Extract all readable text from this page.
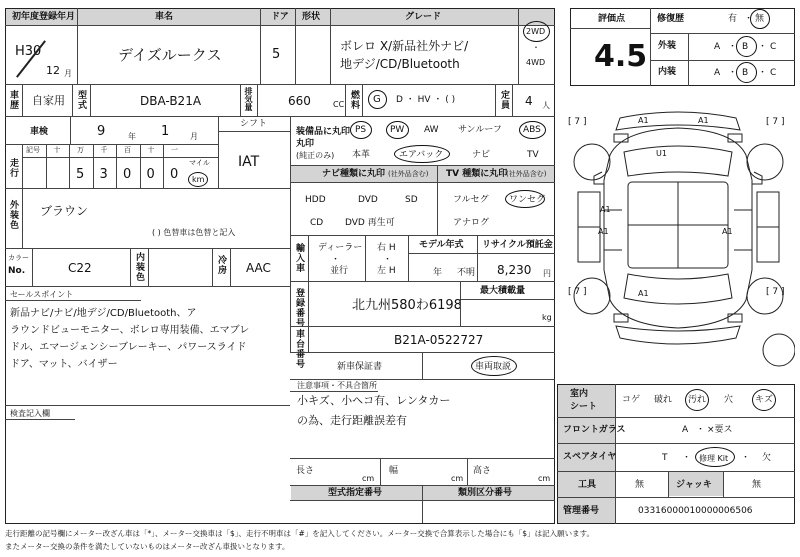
初年度登録年月	車名	ドア 形状	グレード
H30
12 月
デイズルークス	5
ボレロ X/新品社外ナビ/
地デジ/CD/Bluetooth
2WD
・
4WD
車歴 自家用 型式	DBA-B21A	排気量	660	CC 燃料 G D ・ HV ・ ( )	定員 4 人
車検	9	年 1	月
走行
記号 十 万 千 百 十 一
5 3 0 0 0
マイル
km
シフト
IAT
装備品に丸印
丸印
(純正のみ)
PS	PW AW サンルーフ ABS
本革	エアバック	ナビ	TV
ナビ種類に丸印 (社外品含む) TV 種類に丸印
(社外品含む)
HDD	DVD	SD
CD DVD 再生可
フルセグ ワンセグ
アナログ
外装色 ブラウン
( ) 色替車は色替と記入
カラー
No.	C22	内装色	冷房 AAC	輸入車 ディーラー
・
並行
右 H
・
左 H
モデル年式
年 不明
リサイクル預託金
8,230 円
セールスポイント
新品ナビ/ナビ/地デジ/CD/Bluetooth、ア
ラウンドビューモニター、ボレロ専用装備、エマブレ
ドル、エマージェンシーブレーキー、パワースライド
ドア、マット、バイザー
検査記入欄
登録番号	北九州580わ6198
最大積載量
kg
車台番号	B21A-0522727
新車保証書	車両取説
注意事項・不具合箇所
小キズ、小ヘコ有、レンタカー
の為、走行距離誤差有
長さ
cm
幅
cm
高さ
cm
型式指定番号	類別区分番号
評価点
4.5
修復歴	有 ・ 無
外装	A ・ B ・ C
内装	A ・ B ・ C
A1	A1
U1
A1
A1	A1
A1
[ 7 ]	[ 7 ]
[ 7 ]	[ 7 ]
室内
シート
コゲ 破れ 汚れ 穴 キズ
フロントガラス	A ・ ×要ス
スペアタイヤ	T ・ 修理 Kit ・ 欠
工具	無	ジャッキ	無
管理番号	03316000010000006506
走行距離の記号欄にメーター改ざん車は「*」、メーター交換車は「$」、走行不明車は「#」を記入してください。メーター交換で合算表示した場合にも「$」は記入願います。
またメーター交換の条件を満たしていないものはメーター改ざん車扱いとなります。
